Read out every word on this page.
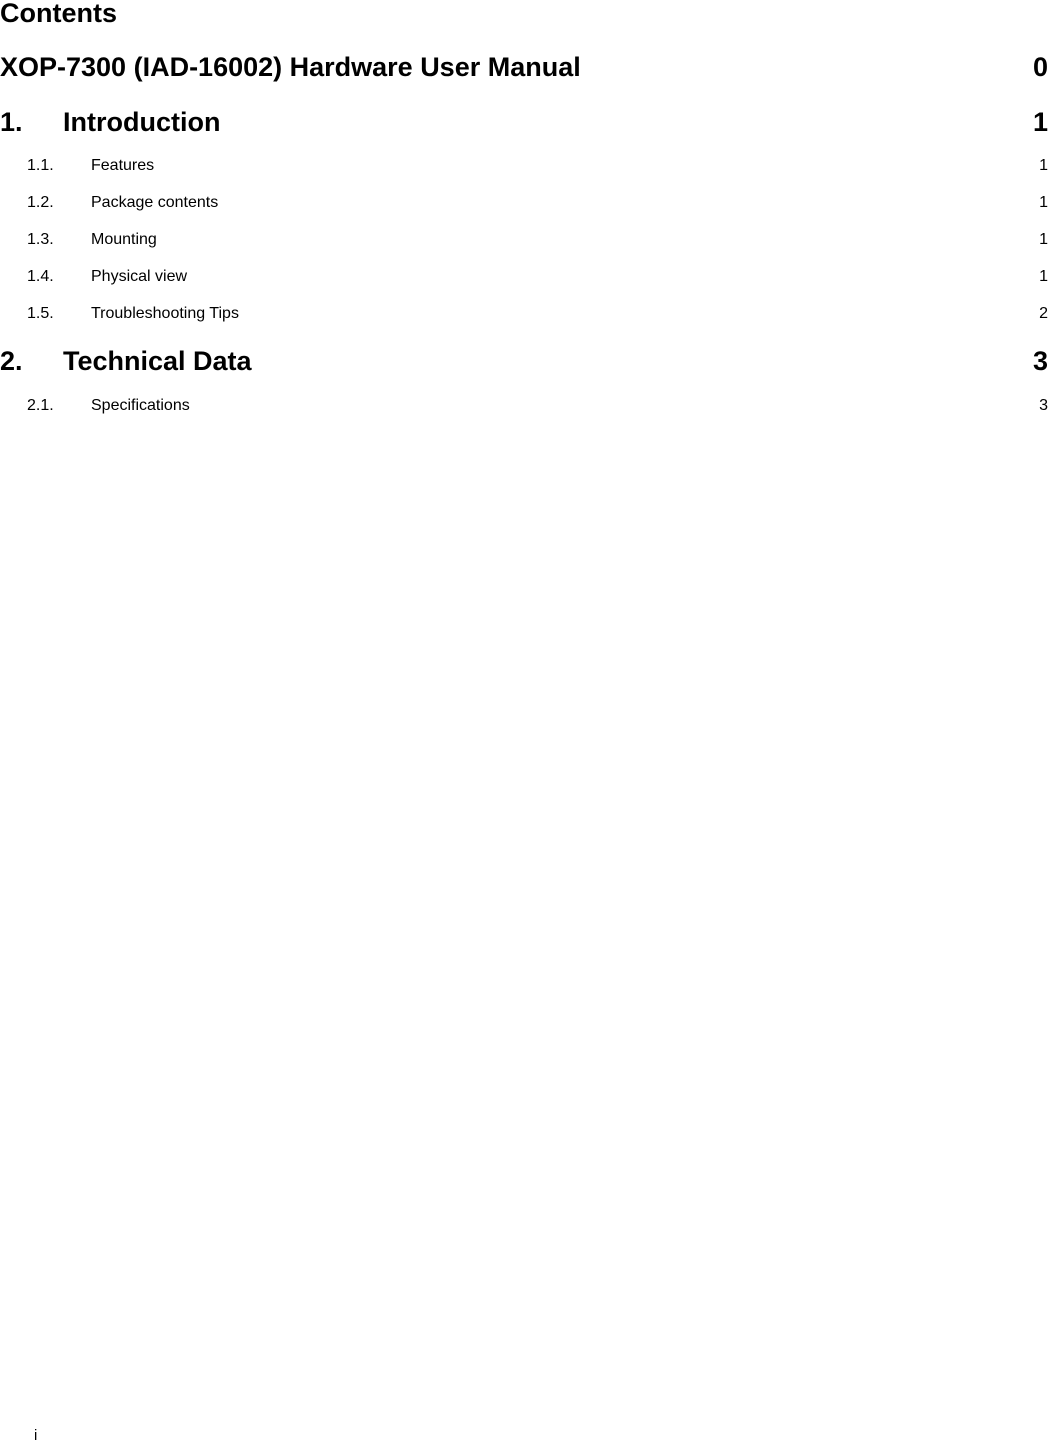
Contents
XOP-7300 (IAD-16002) Hardware User Manual	0
1. Introduction	1
1.1. Features	1
1.2. Package contents	1
1.3. Mounting	1
1.4. Physical view	1
1.5. Troubleshooting Tips	2
2. Technical Data	3
2.1. Specifications	3
i
